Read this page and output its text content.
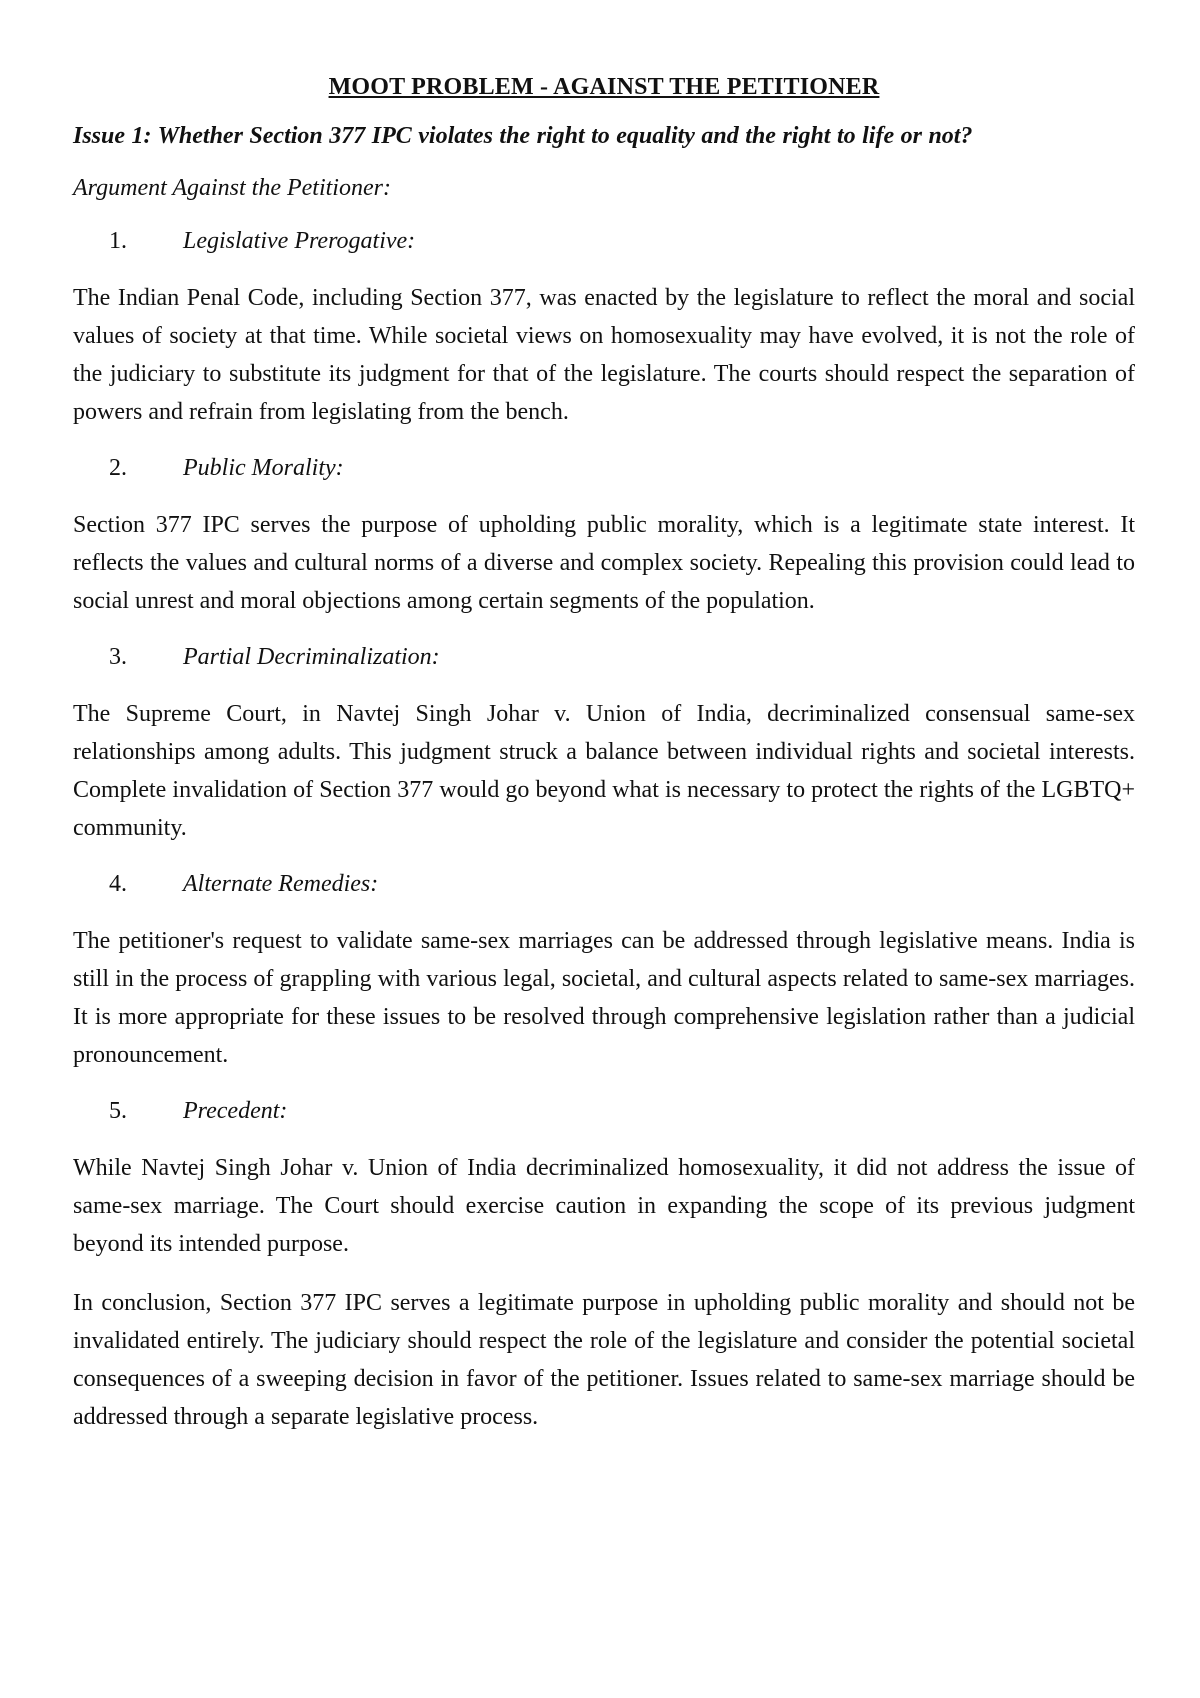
MOOT PROBLEM - AGAINST THE PETITIONER
Issue 1: Whether Section 377 IPC violates the right to equality and the right to life or not?
Argument Against the Petitioner:
1.	Legislative Prerogative:
The Indian Penal Code, including Section 377, was enacted by the legislature to reflect the moral and social values of society at that time. While societal views on homosexuality may have evolved, it is not the role of the judiciary to substitute its judgment for that of the legislature. The courts should respect the separation of powers and refrain from legislating from the bench.
2.	Public Morality:
Section 377 IPC serves the purpose of upholding public morality, which is a legitimate state interest. It reflects the values and cultural norms of a diverse and complex society. Repealing this provision could lead to social unrest and moral objections among certain segments of the population.
3.	Partial Decriminalization:
The Supreme Court, in Navtej Singh Johar v. Union of India, decriminalized consensual same-sex relationships among adults. This judgment struck a balance between individual rights and societal interests. Complete invalidation of Section 377 would go beyond what is necessary to protect the rights of the LGBTQ+ community.
4.	Alternate Remedies:
The petitioner's request to validate same-sex marriages can be addressed through legislative means. India is still in the process of grappling with various legal, societal, and cultural aspects related to same-sex marriages. It is more appropriate for these issues to be resolved through comprehensive legislation rather than a judicial pronouncement.
5.	Precedent:
While Navtej Singh Johar v. Union of India decriminalized homosexuality, it did not address the issue of same-sex marriage. The Court should exercise caution in expanding the scope of its previous judgment beyond its intended purpose.
In conclusion, Section 377 IPC serves a legitimate purpose in upholding public morality and should not be invalidated entirely. The judiciary should respect the role of the legislature and consider the potential societal consequences of a sweeping decision in favor of the petitioner. Issues related to same-sex marriage should be addressed through a separate legislative process.
